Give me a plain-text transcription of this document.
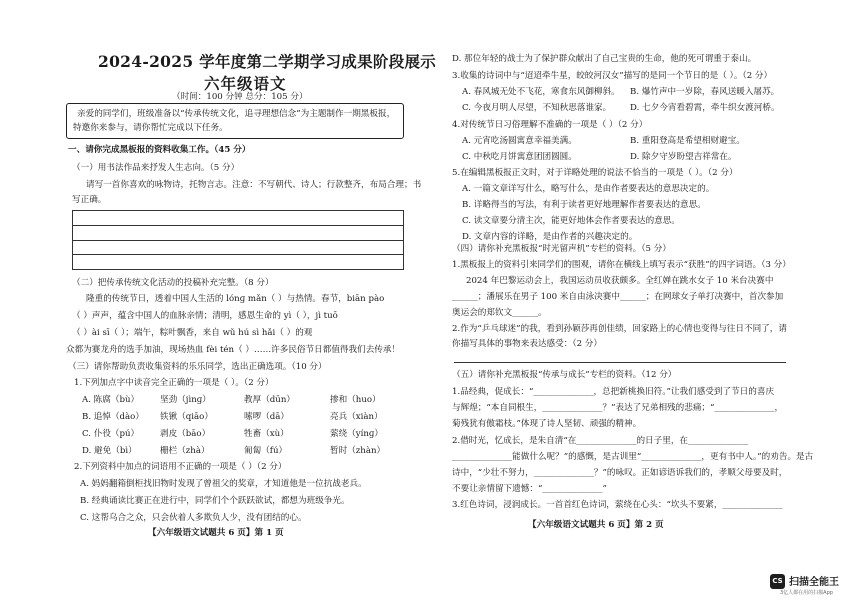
2024-2025 学年度第二学期学习成果阶段展示
六年级语文
（时间：100 分钟 总分：105 分）
亲爱的同学们，班级准备以“传承传统文化，追寻理想信念”为主题制作一期黑板报，
特邀你来参与，请你帮忙完成以下任务。
一、请你完成黑板报的资料收集工作。（45 分）
（一）用书法作品来抒发人生志向。（5 分）
请写一首你喜欢的咏物诗，托物言志。注意：不写朝代、诗人；行款整齐，布局合理；书
写正确。
（二）把传承传统文化活动的投稿补充完整。（8 分）
隆重的传统节日，透着中国人生活的 lónɡ mǎn（ ）与热情。春节，biān pào
（ ）声声，蕴含中国人的血脉亲情；清明，感恩生命的 yì（ ），jì tuō
（ ）ài sī（ ）；端午，粽叶飘香，来自 wǔ hú sì hǎi（ ）的观
众都为赛龙舟的选手加油，现场热血 fèi tén（ ）……许多民俗节日都值得我们去传承！
（三）请你帮助负责收集资料的乐乐同学，选出正确选项。（10 分）
1.下列加点字中读音完全正确的一项是（ ）。（2 分）
A. 陈腐（bù） 坚劲（jìnɡ）	教厚（dūn）	掺和（huo）
B. 追悼（dào） 铁锹（qiāo）	嗦啰（dā）	亮兵（xiàn）
C. 仆役（pú） 剥皮（bāo）	牲畜（xù）	萦绕（yínɡ）
D. 避免（bì）	栅栏（zhà）	匍匐（fú）	暂时（zhàn）
2.下列资料中加点的词语用不正确的一项是（ ）（2 分）
A. 妈妈翻箱倒柜找旧物时发现了曾祖父的奖章，才知道他是一位抗战老兵。
B. 经典诵读比赛正在进行中，同学们个个跃跃欲试，都想为班级争光。
C. 这帮乌合之众，只会伙着人多欺负人少，没有团结的心。
【六年级语文试题共 6 页】第 1 页
D. 那位年轻的战士为了保护群众献出了自己宝贵的生命，他的死可谓重于泰山。
3.收集的诗词中与“迢迢牵牛星，皎皎河汉女”描写的是同一个节日的是（ ）。（2 分）
A. 春风城无处不飞花，寒食东风御柳斜。 B. 爆竹声中一岁除，春风送暖入屠苏。
C. 今夜月明人尽望，不知秋思落谁家。 D. 七夕今宵看碧霄，牵牛织女渡河桥。
4.对传统节日习俗理解不准确的一项是（ ）（2 分）
A. 元宵吃汤圆寓意幸福美满。	B. 重阳登高是希望相财避宝。
C. 中秋吃月饼寓意团团圆圆。	D. 除夕守岁盼望吉祥常在。
5.在编辑黑板报正文时，对于详略处理的说法不恰当的一项是（ ）。（2 分）
A. 一篇文章详写什么，略写什么，是由作者要表达的意思决定的。
B. 详略得当的写法，有利于读者更好地理解作者要表达的意思。
C. 读文章要分清主次，能更好地体会作者要表达的意思。
D. 文章内容的详略，是由作者的兴趣决定的。
（四）请你补充黑板报“时光留声机”专栏的资料。（5 分）
1.黑板报上的资料引来同学们的围观，请你在横线上填写表示“获胜”的四字词语。（3 分）
2024 年巴黎运动会上，我国运动员收获颇多。全红婵在跳水女子 10 米台决赛中
______；潘展乐在男子 100 米自由泳决赛中______；在网球女子单打决赛中，首次参加
奥运会的郑钦文______。
2.作为“乒乓球迷”的我，看到孙颖莎再创佳绩，回家路上的心情也变得与往日不同了，请
你描写具体的事物来表达感受：（2 分）
（五）请你补充黑板报“传承与成长”专栏的资料。（12 分）
1.品经典，促成长：“______________，总把新桃换旧符。”让我们感受到了节日的喜庆
与辉煌；“本自同根生，______________？”表达了兄弟相残的悲痛；“______________，
菊残犹有傲霜枝。”体现了诗人坚韧、顽强的精神。
2.借时光，忆成长，是朱自清“在______________的日子里，在______________
______________能做什么呢？”的感慨，是古训里“______________，更有书中人。”的劝告。是古
诗中，“少壮不努力，______________？”的咏叹。正如谚语诉我们的，孝顺父母要及时，
不要让亲情留下遗憾：“______________”
3.红色诗词，浸润成长。一首首红色诗词，萦绕在心头：“坎头不要紧，______________
【六年级语文试题共 6 页】第 2 页
CS 扫描全能王
3亿人都在用的扫描App
